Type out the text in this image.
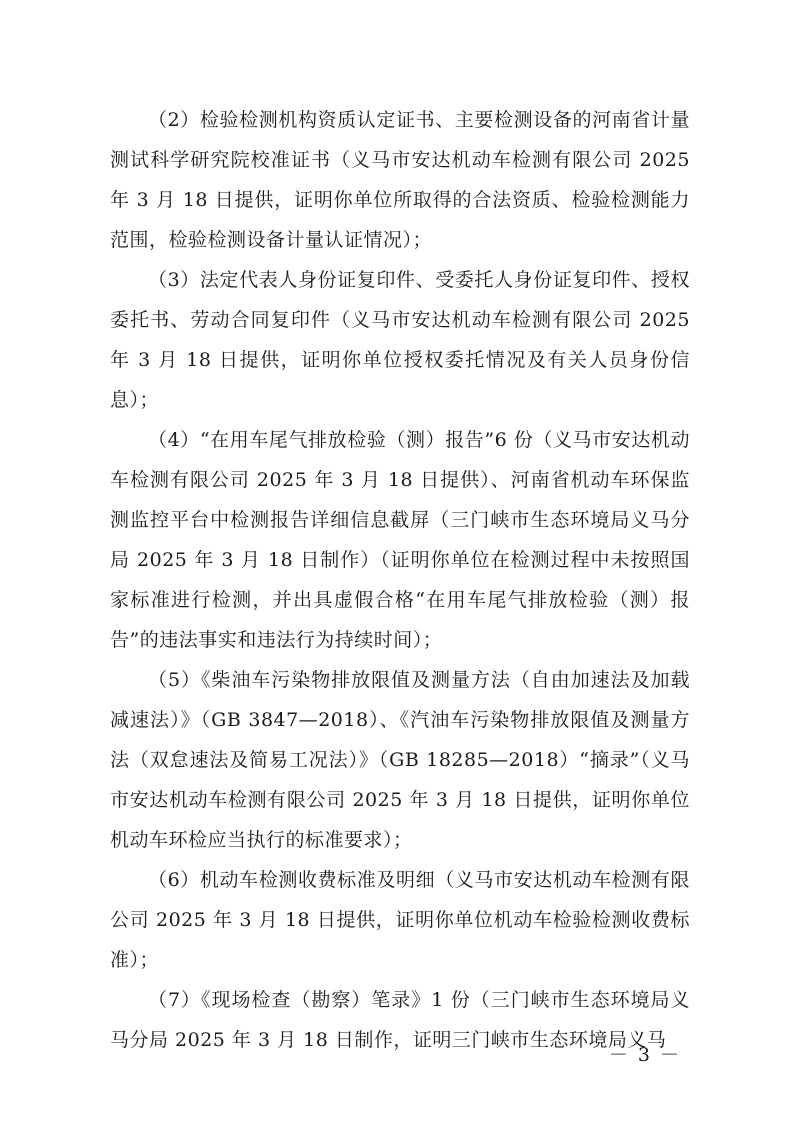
（2）检验检测机构资质认定证书、主要检测设备的河南省计量测试科学研究院校准证书（义马市安达机动车检测有限公司 2025 年 3 月 18 日提供，证明你单位所取得的合法资质、检验检测能力范围，检验检测设备计量认证情况）；

（3）法定代表人身份证复印件、受委托人身份证复印件、授权委托书、劳动合同复印件（义马市安达机动车检测有限公司 2025 年 3 月 18 日提供，证明你单位授权委托情况及有关人员身份信息）；

（4）“在用车尾气排放检验（测）报告”6 份（义马市安达机动车检测有限公司 2025 年 3 月 18 日提供）、河南省机动车环保监测监控平台中检测报告详细信息截屏（三门峡市生态环境局义马分局 2025 年 3 月 18 日制作）（证明你单位在检测过程中未按照国家标准进行检测，并出具虚假合格“在用车尾气排放检验（测）报告”的违法事实和违法行为持续时间）；

（5）《柴油车污染物排放限值及测量方法（自由加速法及加载减速法）》（GB 3847—2018）、《汽油车污染物排放限值及测量方法（双怠速法及简易工况法）》（GB 18285—2018）“摘录”（义马市安达机动车检测有限公司 2025 年 3 月 18 日提供，证明你单位机动车环检应当执行的标准要求）；

（6）机动车检测收费标准及明细（义马市安达机动车检测有限公司 2025 年 3 月 18 日提供，证明你单位机动车检验检测收费标准）；

（7）《现场检查（勘察）笔录》1 份（三门峡市生态环境局义马分局 2025 年 3 月 18 日制作，证明三门峡市生态环境局义马

－ 3 －
